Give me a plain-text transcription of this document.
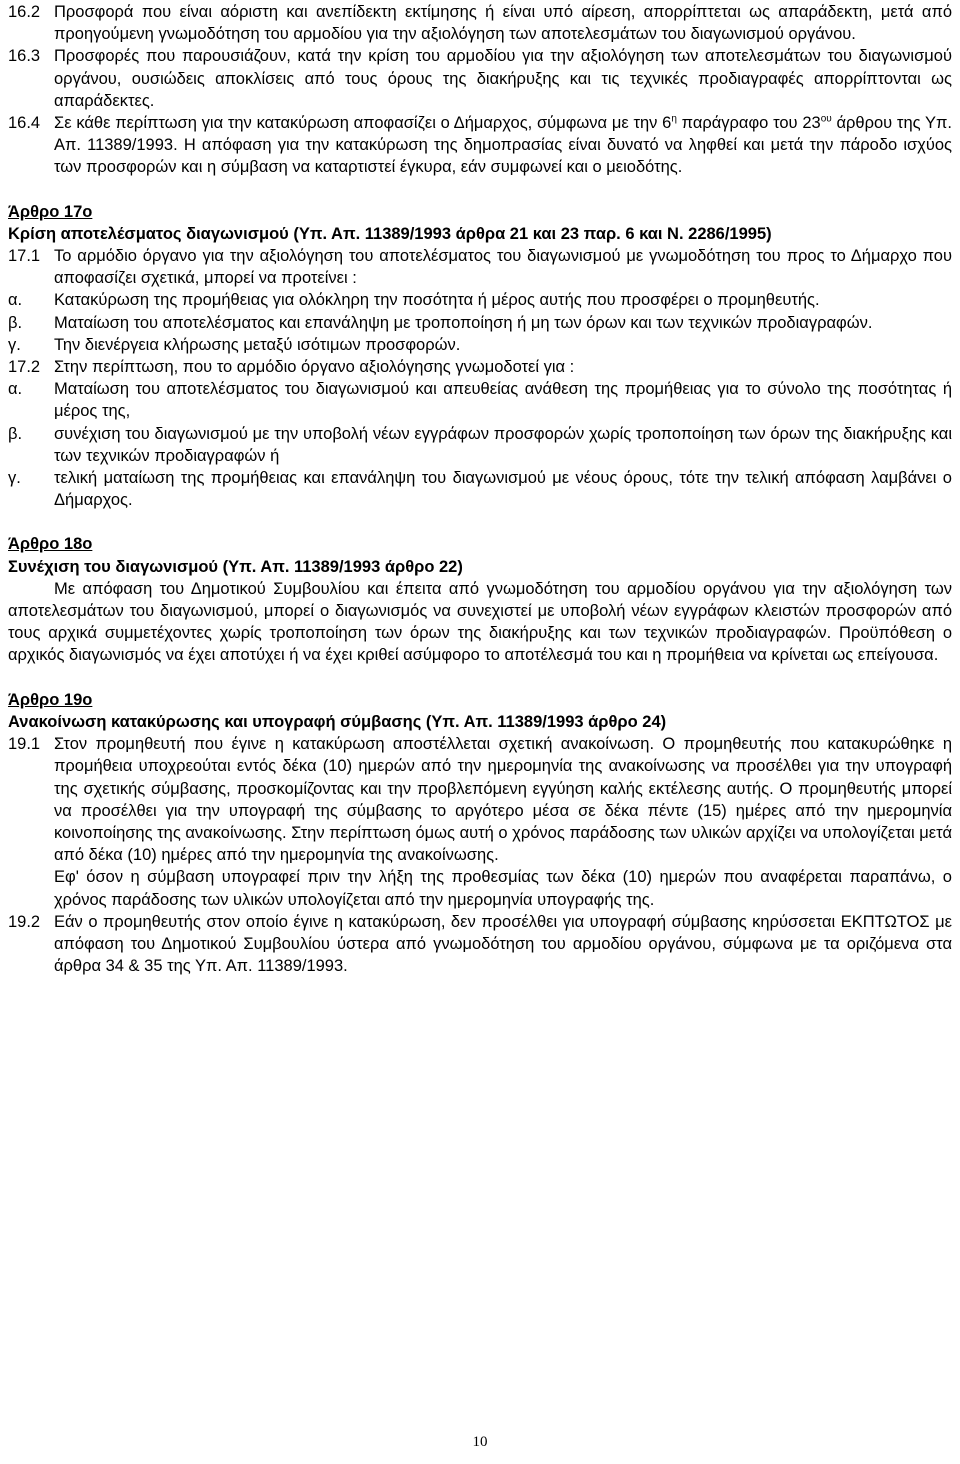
16.2 Προσφορά που είναι αόριστη και ανεπίδεκτη εκτίμησης ή είναι υπό αίρεση, απορρίπτεται ως απαράδεκτη, μετά από προηγούμενη γνωμοδότηση του αρμοδίου για την αξιολόγηση των αποτελεσμάτων του διαγωνισμού οργάνου.
16.3 Προσφορές που παρουσιάζουν, κατά την κρίση του αρμοδίου για την αξιολόγηση των αποτελεσμάτων του διαγωνισμού οργάνου, ουσιώδεις αποκλίσεις από τους όρους της διακήρυξης και τις τεχνικές προδιαγραφές απορρίπτονται ως απαράδεκτες.
16.4 Σε κάθε περίπτωση για την κατακύρωση αποφασίζει ο Δήμαρχος, σύμφωνα με την $6^\eta$ παράγραφο του $23^{o\upsilon}$ άρθρου της Υπ. Απ. 11389/1993. Η απόφαση για την κατακύρωση της δημοπρασίας είναι δυνατό να ληφθεί και μετά την πάροδο ισχύος των προσφορών και η σύμβαση να καταρτιστεί έγκυρα, εάν συμφωνεί και ο μειοδότης.
Άρθρο 17ο
Κρίση αποτελέσματος διαγωνισμού (Υπ. Απ. 11389/1993 άρθρα 21 και 23 παρ. 6 και Ν. 2286/1995)
17.1 Το αρμόδιο όργανο για την αξιολόγηση του αποτελέσματος του διαγωνισμού με γνωμοδότηση του προς το Δήμαρχο που αποφασίζει σχετικά, μπορεί να προτείνει :
α.	Κατακύρωση της προμήθειας για ολόκληρη την ποσότητα ή μέρος αυτής που προσφέρει ο προμηθευτής.
β.	Ματαίωση του αποτελέσματος και επανάληψη με τροποποίηση ή μη των όρων και των τεχνικών προδιαγραφών.
γ.	Την διενέργεια κλήρωσης μεταξύ ισότιμων προσφορών.
17.2 Στην περίπτωση, που το αρμόδιο όργανο αξιολόγησης γνωμοδοτεί για :
α.	Ματαίωση του αποτελέσματος του διαγωνισμού και απευθείας ανάθεση της προμήθειας για το σύνολο της ποσότητας ή μέρος της,
β.	συνέχιση του διαγωνισμού με την υποβολή νέων εγγράφων προσφορών χωρίς τροποποίηση των όρων της διακήρυξης και των τεχνικών προδιαγραφών ή
γ.	τελική ματαίωση της προμήθειας και επανάληψη του διαγωνισμού με νέους όρους, τότε την τελική απόφαση λαμβάνει ο Δήμαρχος.
Άρθρο 18ο
Συνέχιση του διαγωνισμού (Υπ. Απ. 11389/1993 άρθρο 22)
Με απόφαση του Δημοτικού Συμβουλίου και έπειτα από γνωμοδότηση του αρμοδίου οργάνου για την αξιολόγηση των αποτελεσμάτων του διαγωνισμού, μπορεί ο διαγωνισμός να συνεχιστεί με υποβολή νέων εγγράφων κλειστών προσφορών από τους αρχικά συμμετέχοντες χωρίς τροποποίηση των όρων της διακήρυξης και των τεχνικών προδιαγραφών. Προϋπόθεση ο αρχικός διαγωνισμός να έχει αποτύχει ή να έχει κριθεί ασύμφορο το αποτέλεσμά του και η προμήθεια να κρίνεται ως επείγουσα.
Άρθρο 19ο
Ανακοίνωση κατακύρωσης και υπογραφή σύμβασης (Υπ. Απ. 11389/1993 άρθρο 24)
19.1 Στον προμηθευτή που έγινε η κατακύρωση αποστέλλεται σχετική ανακοίνωση. Ο προμηθευτής που κατακυρώθηκε η προμήθεια υποχρεούται εντός δέκα (10) ημερών από την ημερομηνία της ανακοίνωσης να προσέλθει για την υπογραφή της σχετικής σύμβασης, προσκομίζοντας και την προβλεπόμενη εγγύηση καλής εκτέλεσης αυτής. Ο προμηθευτής μπορεί να προσέλθει για την υπογραφή της σύμβασης το αργότερο μέσα σε δέκα πέντε (15) ημέρες από την ημερομηνία κοινοποίησης της ανακοίνωσης. Στην περίπτωση όμως αυτή ο χρόνος παράδοσης των υλικών αρχίζει να υπολογίζεται μετά από δέκα (10) ημέρες από την ημερομηνία της ανακοίνωσης.
Εφ' όσον η σύμβαση υπογραφεί πριν την λήξη της προθεσμίας των δέκα (10) ημερών που αναφέρεται παραπάνω, ο χρόνος παράδοσης των υλικών υπολογίζεται από την ημερομηνία υπογραφής της.
19.2 Εάν ο προμηθευτής στον οποίο έγινε η κατακύρωση, δεν προσέλθει για υπογραφή σύμβασης κηρύσσεται ΕΚΠΤΩΤΟΣ με απόφαση του Δημοτικού Συμβουλίου ύστερα από γνωμοδότηση του αρμοδίου οργάνου, σύμφωνα με τα οριζόμενα στα άρθρα 34 & 35 της Υπ. Απ. 11389/1993.
10
